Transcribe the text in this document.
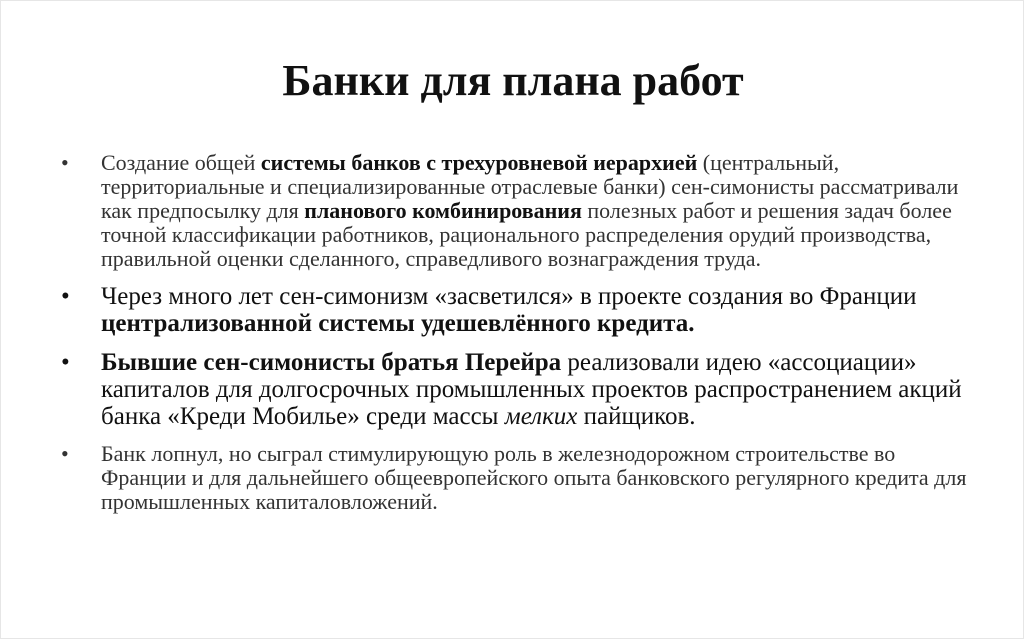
Банки для плана работ
• Создание общей системы банков с трехуровневой иерархией (центральный, территориальные и специализированные отраслевые банки) сен-симонисты рассматривали как предпосылку для планового комбинирования полезных работ и решения задач более точной классификации работников, рационального распределения орудий производства, правильной оценки сделанного, справедливого вознаграждения труда.
• Через много лет сен-симонизм «засветился» в проекте создания во Франции централизованной системы удешевлённого кредита.
• Бывшие сен-симонисты братья Перейра реализовали идею «ассоциации» капиталов для долгосрочных промышленных проектов распространением акций банка «Креди Мобилье» среди массы мелких пайщиков.
• Банк лопнул, но сыграл стимулирующую роль в железнодорожном строительстве во Франции и для дальнейшего общеевропейского опыта банковского регулярного кредита для промышленных капиталовложений.
